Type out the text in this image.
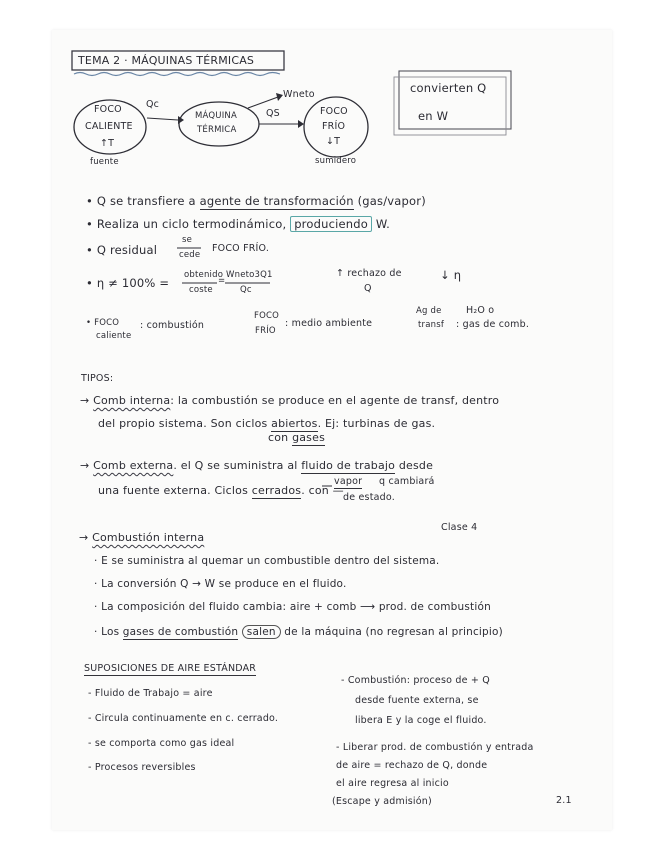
TEMA 2 · MÁQUINAS TÉRMICAS
FOCO
CALIENTE
↑T
fuente
Qc
MÁQUINA
TÉRMICA
Wneto
QS	FOCO
FRÍO
↓T
sumidero
convierten Q
en W
• Q se transfiere a agente de transformación (gas/vapor)
• Realiza un ciclo termodinámico, produciendo W.
• Q residual
se
cede
FOCO FRÍO.
• η ≠ 100% =
obtenido
coste
=
Wneto3Q1
Qc
↑ rechazo de
Q
↓ η
• FOCO
caliente
: combustión
FOCO
FRÍO
: medio ambiente
Ag de
transf
H₂O o
: gas de comb.
TIPOS:
→ Comb interna: la combustión se produce en el agente de transf, dentro
del propio sistema. Son ciclos abiertos. Ej: turbinas de gas.
con gases
→ Comb externa. el Q se suministra al fluido de trabajo desde
una fuente externa. Ciclos cerrados. con —
vapor q cambiará
de estado.
→ Combustión interna
Clase 4
· E se suministra al quemar un combustible dentro del sistema.
· La conversión Q → W se produce en el fluido.
· La composición del fluido cambia: aire + comb ⟶ prod. de combustión
· Los gases de combustión salen de la máquina (no regresan al principio)
SUPOSICIONES DE AIRE ESTÁNDAR
- Fluido de Trabajo = aire
- Circula continuamente en c. cerrado.
- se comporta como gas ideal
- Procesos reversibles
- Combustión: proceso de + Q
desde fuente externa, se
libera E y la coge el fluido.
- Liberar prod. de combustión y entrada
de aire = rechazo de Q, donde
el aire regresa al inicio
(Escape y admisión)	2.1
